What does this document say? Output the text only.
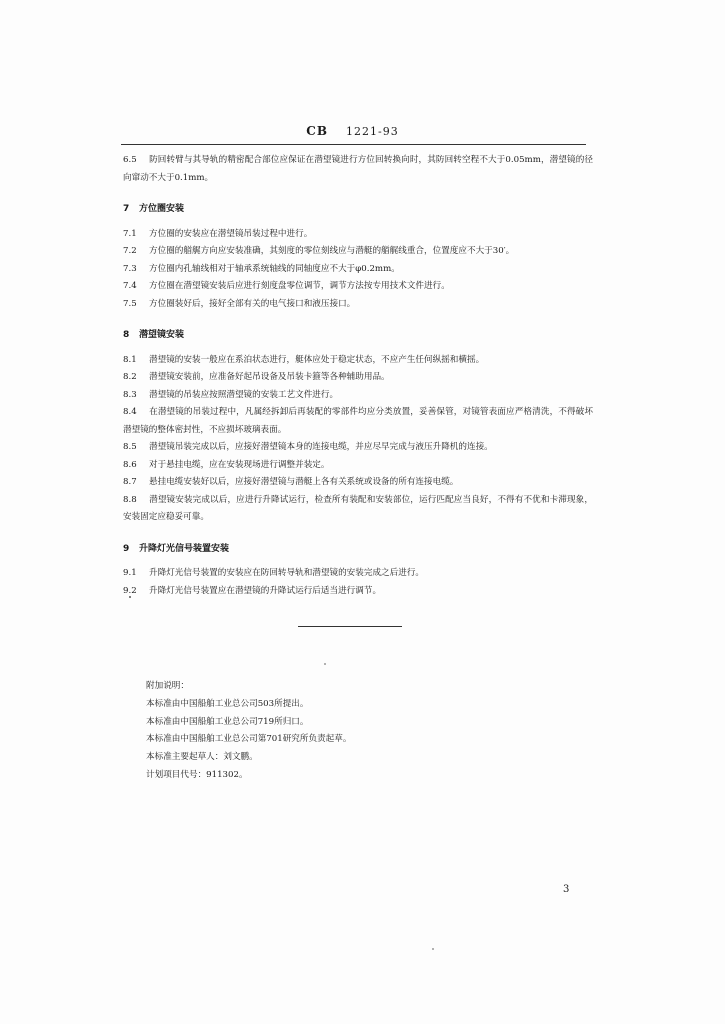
CB 1221-93

6.5 防回转臂与其导轨的精密配合部位应保证在潜望镜进行方位回转换向时，其防回转空程不大于0.05mm，潜望镜的径向窜动不大于0.1mm。

7 方位圈安装

7.1 方位圈的安装应在潜望镜吊装过程中进行。

7.2 方位圈的艏艉方向应安装准确，其刻度的零位刻线应与潜艇的艏艉线重合，位置度应不大于30′。

7.3 方位圈内孔轴线相对于轴承系统轴线的同轴度应不大于φ0.2mm。

7.4 方位圈在潜望镜安装后应进行刻度盘零位调节，调节方法按专用技术文件进行。

7.5 方位圈装好后，接好全部有关的电气接口和液压接口。

8 潜望镜安装

8.1 潜望镜的安装一般应在系泊状态进行，艇体应处于稳定状态，不应产生任何纵摇和横摇。

8.2 潜望镜安装前，应准备好起吊设备及吊装卡箍等各种辅助用品。

8.3 潜望镜的吊装应按照潜望镜的安装工艺文件进行。

8.4 在潜望镜的吊装过程中，凡属经拆卸后再装配的零部件均应分类放置，妥善保管，对镜管表面应严格清洗，不得破坏潜望镜的整体密封性，不应损坏玻璃表面。

8.5 潜望镜吊装完成以后，应接好潜望镜本身的连接电缆，并应尽早完成与液压升降机的连接。

8.6 对于悬挂电缆，应在安装现场进行调整并装定。

8.7 悬挂电缆安装好以后，应接好潜望镜与潜艇上各有关系统或设备的所有连接电缆。

8.8 潜望镜安装完成以后，应进行升降试运行，检查所有装配和安装部位，运行匹配应当良好，不得有不优和卡滞现象，安装固定应稳妥可靠。

9 升降灯光信号装置安装

9.1 升降灯光信号装置的安装应在防回转导轨和潜望镜的安装完成之后进行。

9.2 升降灯光信号装置应在潜望镜的升降试运行后适当进行调节。

附加说明：

本标准由中国船舶工业总公司503所提出。

本标准由中国船舶工业总公司719所归口。

本标准由中国船舶工业总公司第701研究所负责起草。

本标准主要起草人：刘文鹏。

计划项目代号：911302。

3
